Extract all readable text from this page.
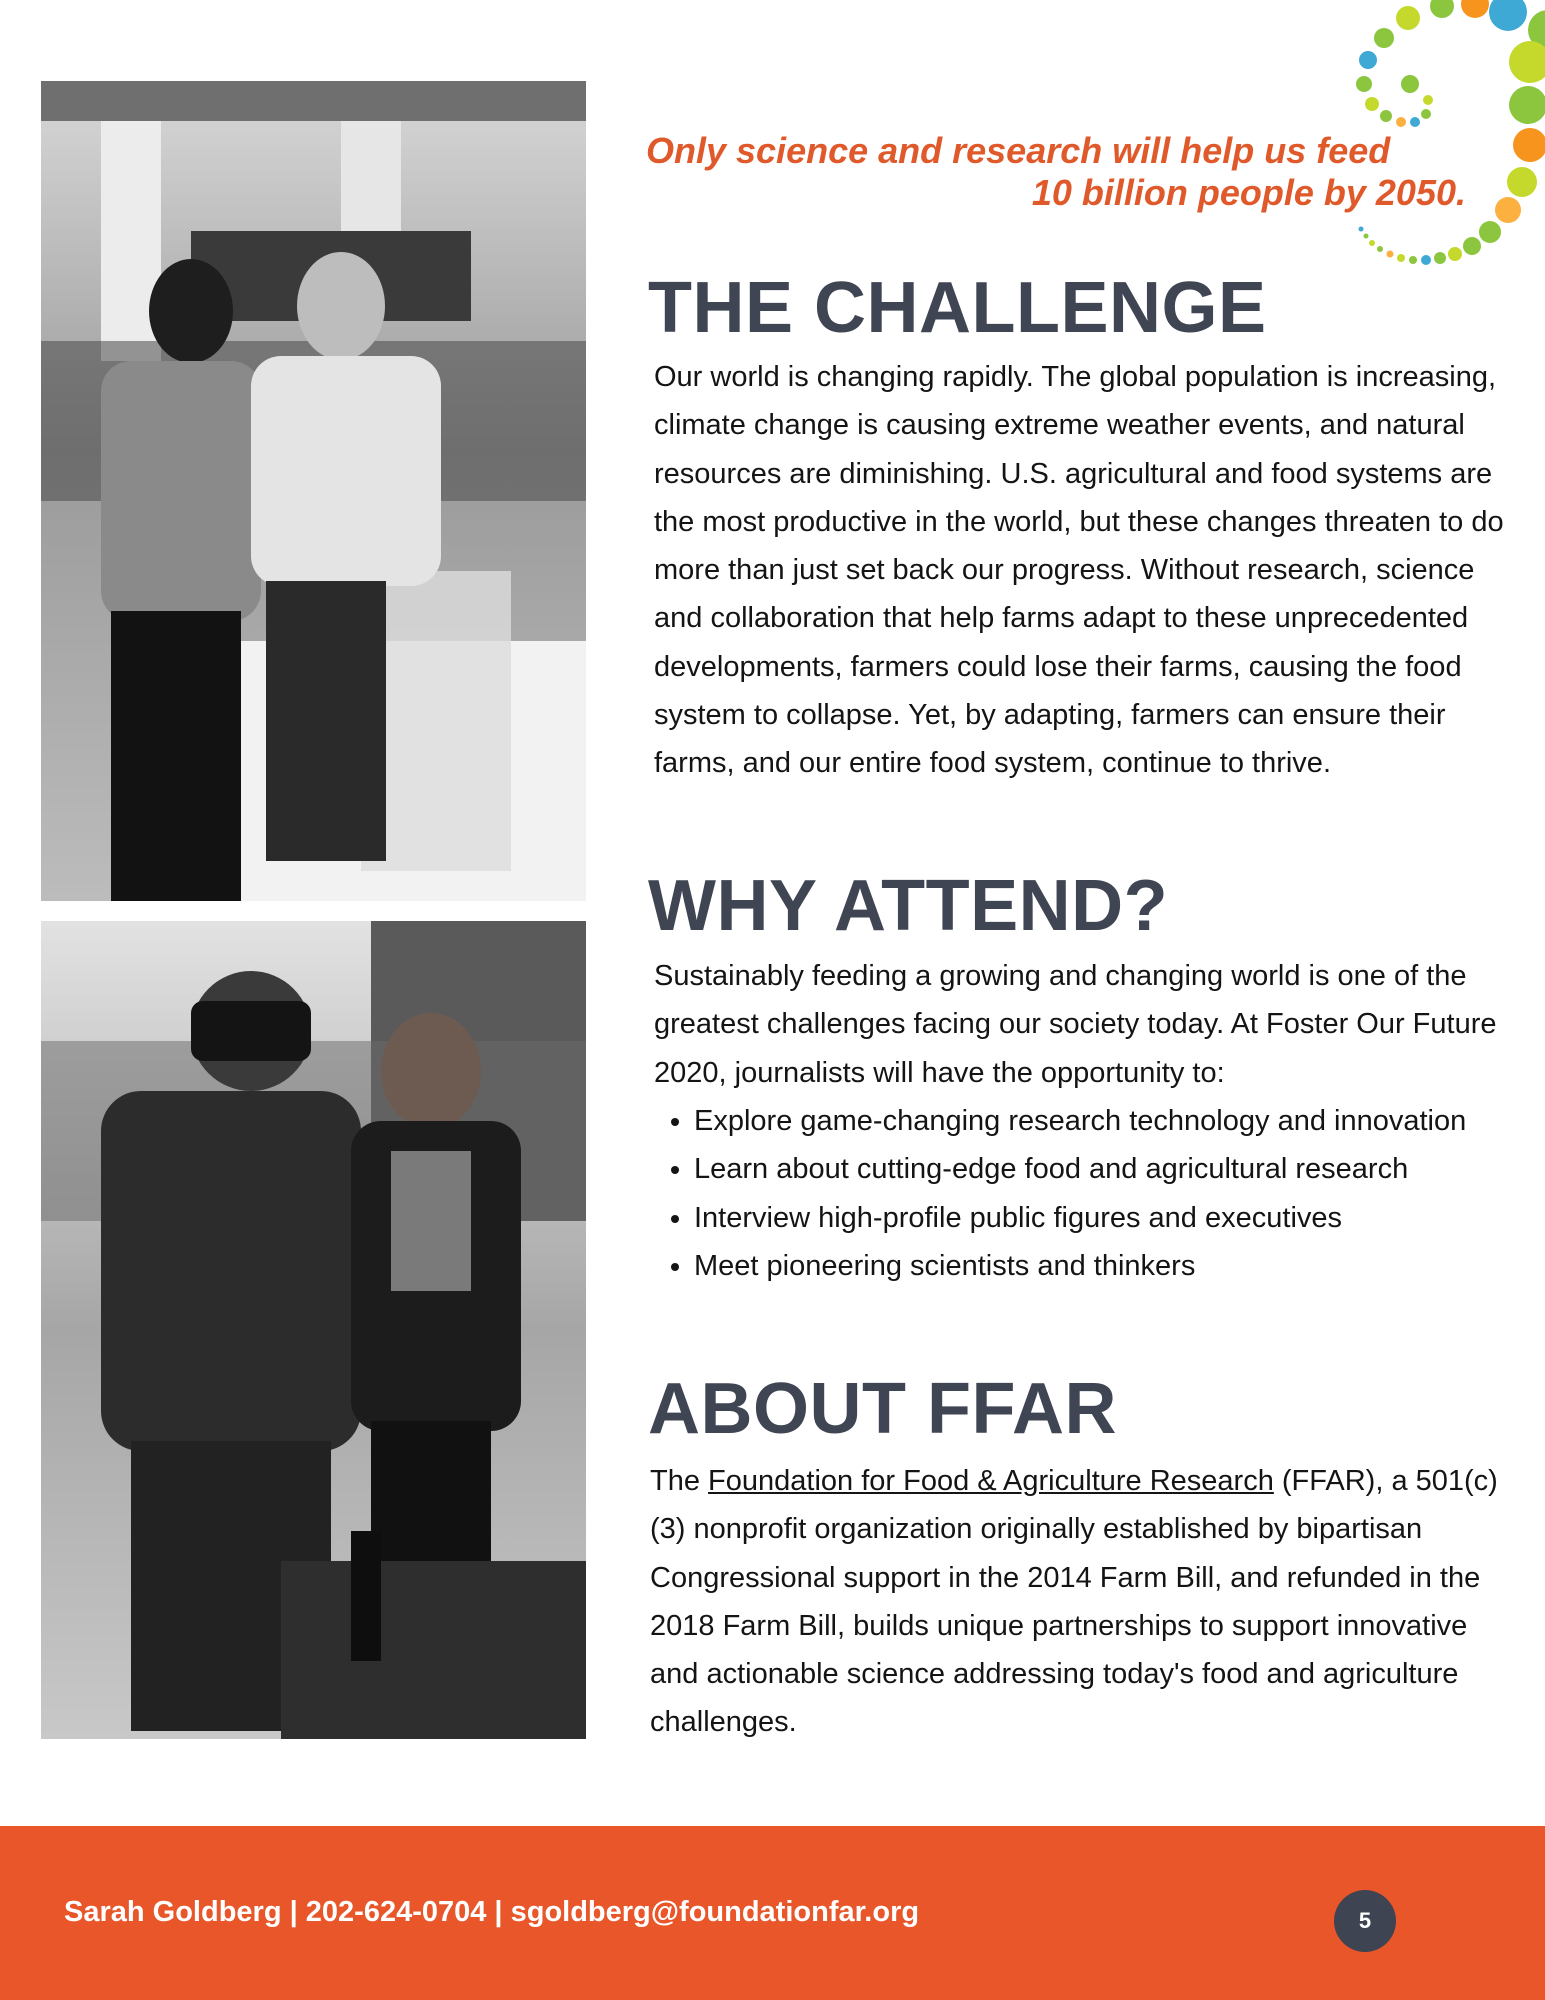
Only science and research will help us feed
10 billion people by 2050.
THE CHALLENGE

Our world is changing rapidly. The global population is increasing, climate change is causing extreme weather events, and natural resources are diminishing. U.S. agricultural and food systems are the most productive in the world, but these changes threaten to do more than just set back our progress. Without research, science and collaboration that help farms adapt to these unprecedented developments, farmers could lose their farms, causing the food system to collapse. Yet, by adapting, farmers can ensure their farms, and our entire food system, continue to thrive.

WHY ATTEND?

Sustainably feeding a growing and changing world is one of the greatest challenges facing our society today. At Foster Our Future 2020, journalists will have the opportunity to:

• Explore game-changing research technology and innovation
• Learn about cutting-edge food and agricultural research
• Interview high-profile public figures and executives
• Meet pioneering scientists and thinkers
ABOUT FFAR

The Foundation for Food & Agriculture Research (FFAR), a 501(c)(3) nonprofit organization originally established by bipartisan Congressional support in the 2014 Farm Bill, and refunded in the 2018 Farm Bill, builds unique partnerships to support innovative and actionable science addressing today's food and agriculture challenges.

Sarah Goldberg | 202-624-0704 | sgoldberg@foundationfar.org	5
